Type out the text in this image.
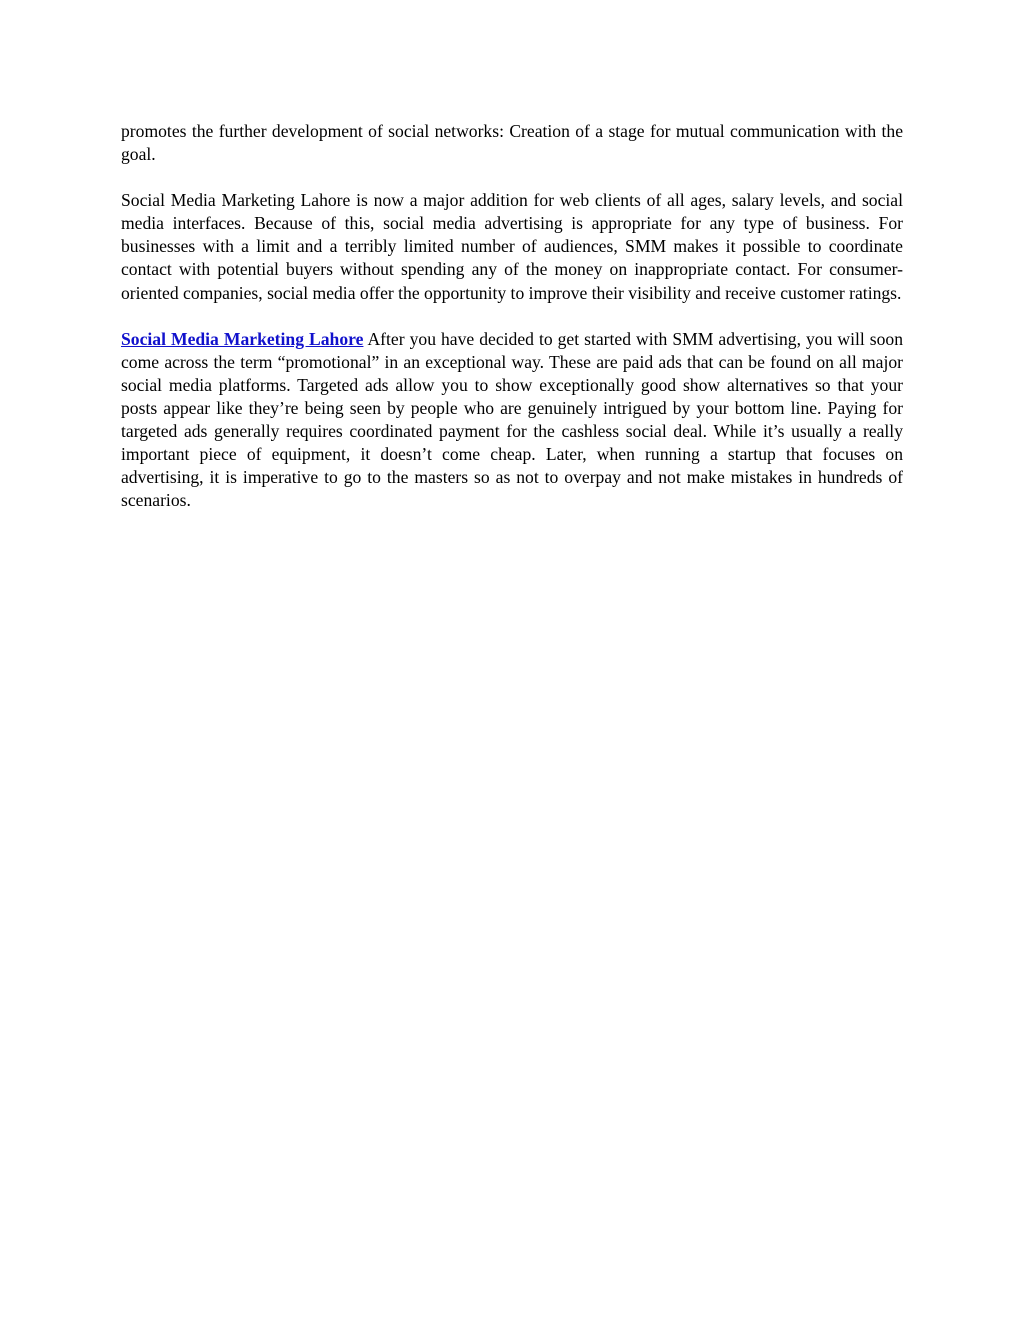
promotes the further development of social networks: Creation of a stage for mutual communication with the goal.

Social Media Marketing Lahore is now a major addition for web clients of all ages, salary levels, and social media interfaces. Because of this, social media advertising is appropriate for any type of business. For businesses with a limit and a terribly limited number of audiences, SMM makes it possible to coordinate contact with potential buyers without spending any of the money on inappropriate contact. For consumer-oriented companies, social media offer the opportunity to improve their visibility and receive customer ratings.

Social Media Marketing Lahore After you have decided to get started with SMM advertising, you will soon come across the term “promotional” in an exceptional way. These are paid ads that can be found on all major social media platforms. Targeted ads allow you to show exceptionally good show alternatives so that your posts appear like they’re being seen by people who are genuinely intrigued by your bottom line. Paying for targeted ads generally requires coordinated payment for the cashless social deal. While it’s usually a really important piece of equipment, it doesn’t come cheap. Later, when running a startup that focuses on advertising, it is imperative to go to the masters so as not to overpay and not make mistakes in hundreds of scenarios.
